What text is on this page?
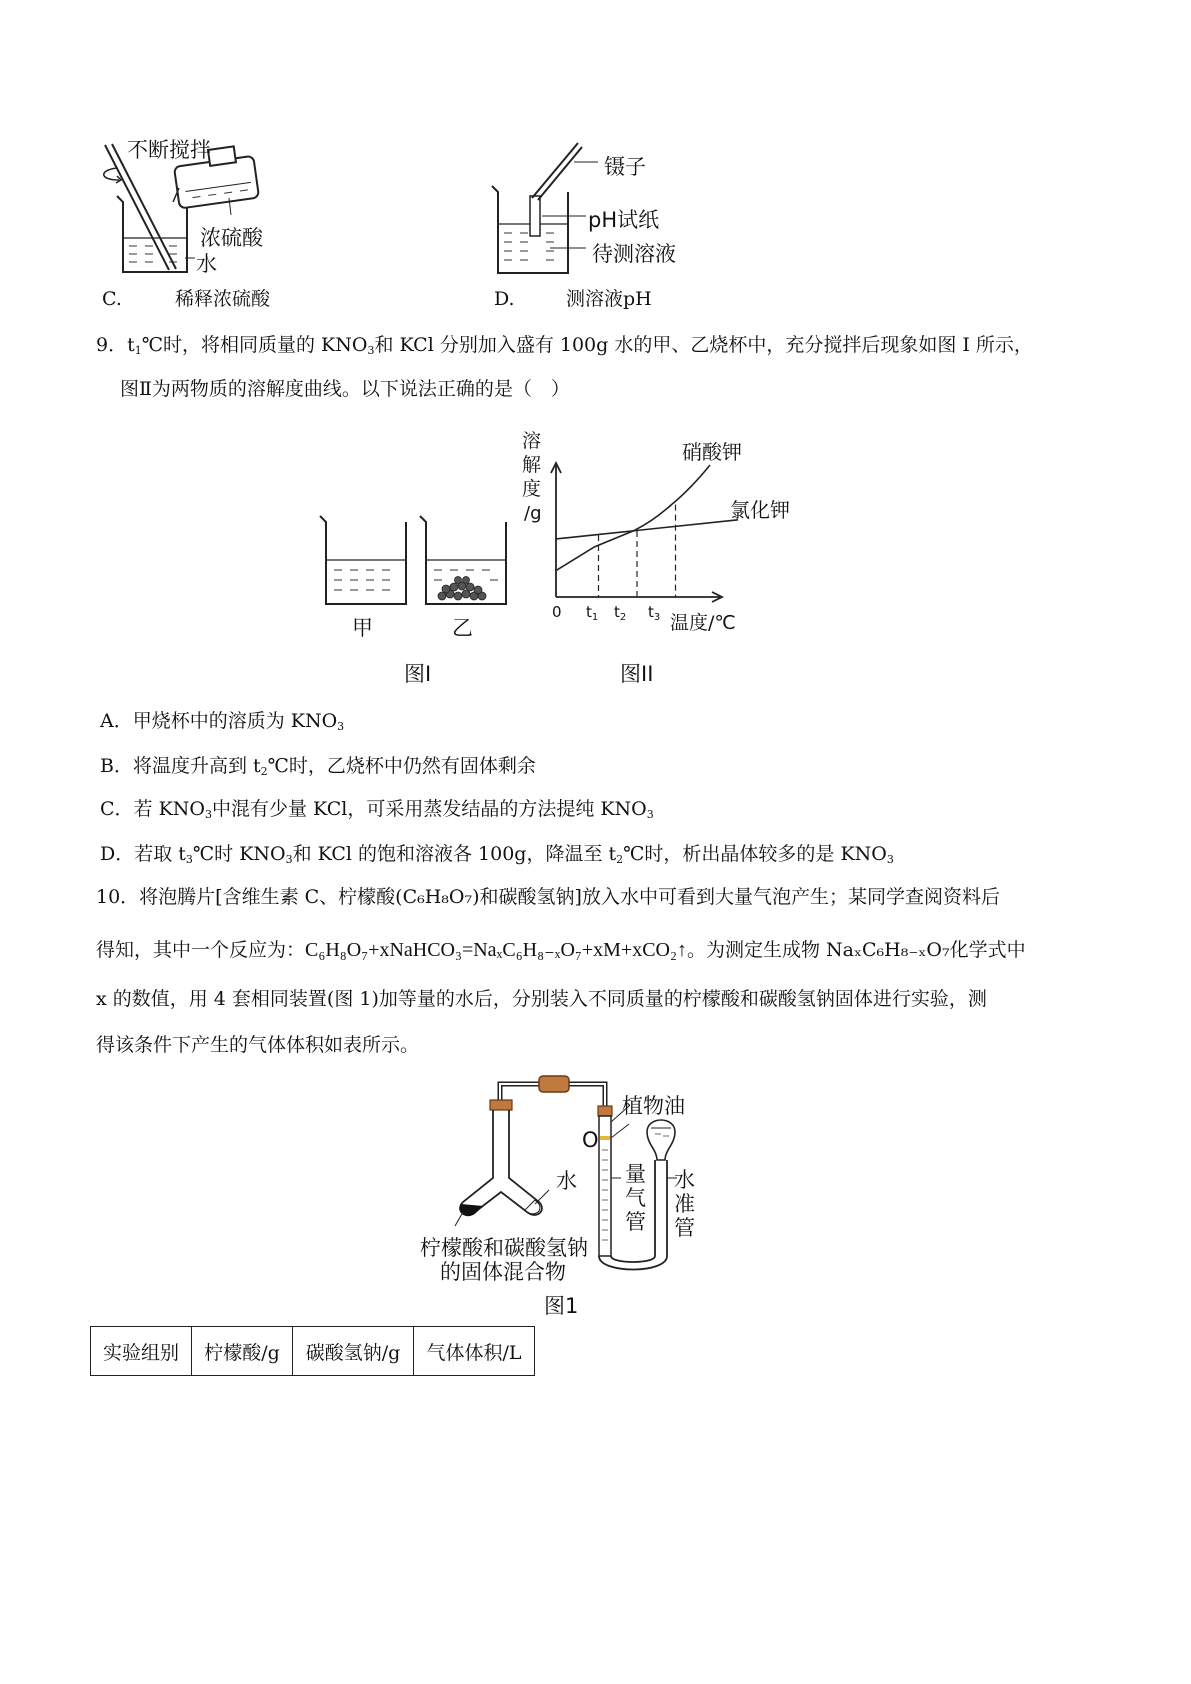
不断搅拌
浓硫酸
水
C.	稀释浓硫酸
镊子
pH试纸
待测溶液
D.	测溶液pH
9．$t_1℃$时，将相同质量的 $KNO_3$和 KCl 分别加入盛有 100g 水的甲、乙烧杯中，充分搅拌后现象如图 I 所示，
图Ⅱ为两物质的溶解度曲线。以下说法正确的是（　）
甲	乙
图I
溶
解
度
/g
0 $t_1$ $t_2$ $t_3$ 温度/℃
硝酸钾
氯化钾
图II
A．甲烧杯中的溶质为 $KNO_3$
B．将温度升高到 $t_2℃$时，乙烧杯中仍然有固体剩余
C．若 $KNO_3$中混有少量 KCl，可采用蒸发结晶的方法提纯 $KNO_3$
D．若取 $t_3℃$时 $KNO_3$和 KCl 的饱和溶液各 100g，降温至 $t_2℃$时，析出晶体较多的是 $KNO_3$
10．将泡腾片[含维生素 C、柠檬酸(C₆H₈O₇)和碳酸氢钠]放入水中可看到大量气泡产生；某同学查阅资料后
得知，其中一个反应为：C₆H₈O₇+xNaHCO₃=NaₓC₆H₈₋ₓO₇+xM+xCO₂↑。为测定生成物 NaₓC₆H₈₋ₓO₇化学式中
x 的数值，用 4 套相同装置(图 1)加等量的水后，分别装入不同质量的柠檬酸和碳酸氢钠固体进行实验，测
得该条件下产生的气体体积如表所示。
植物油
O
水 量
气
管
水
准
管
柠檬酸和碳酸氢钠
的固体混合物
图1
实验组别	柠檬酸/g	碳酸氢钠/g	气体体积/L
